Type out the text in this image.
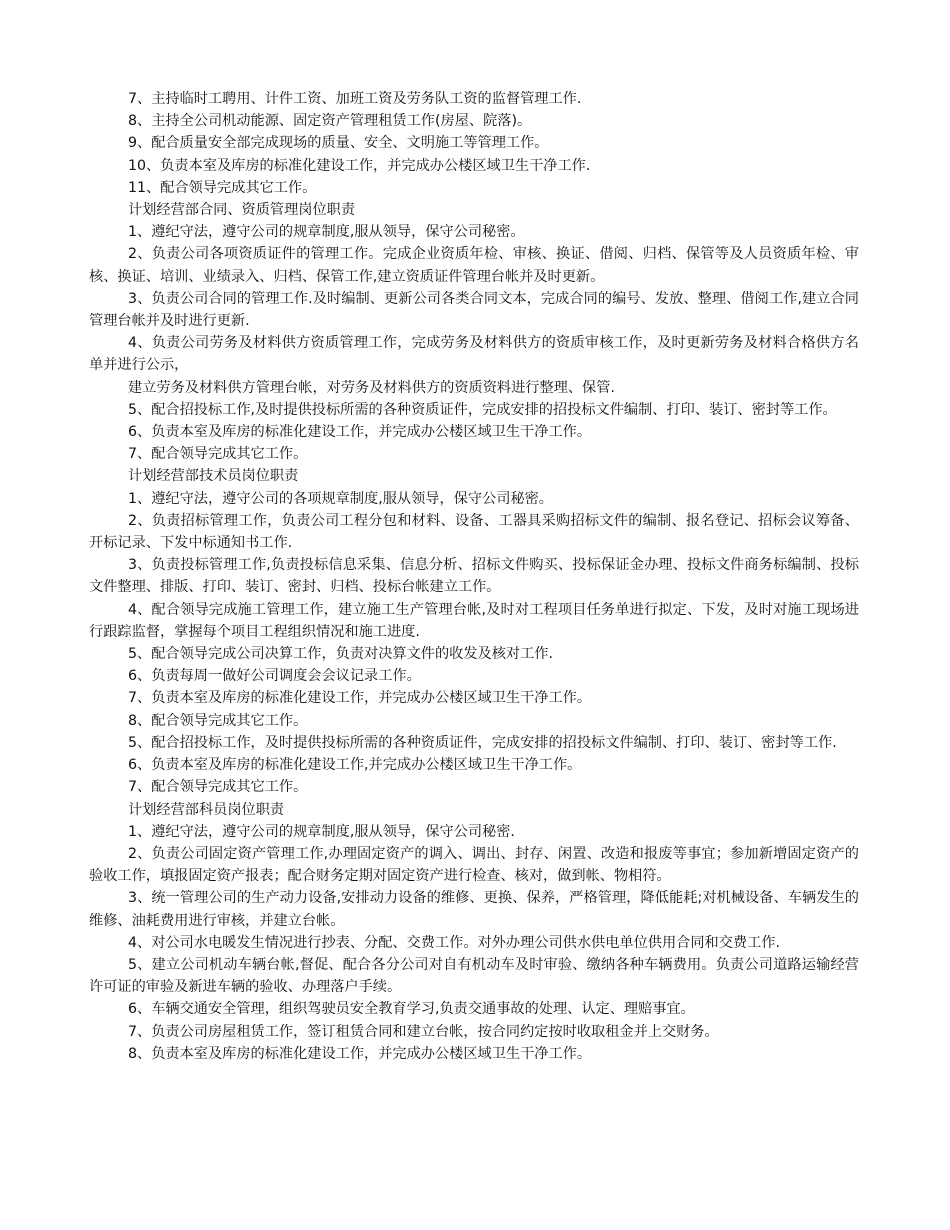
7、主持临时工聘用、计件工资、加班工资及劳务队工资的监督管理工作.

8、主持全公司机动能源、固定资产管理租赁工作(房屋、院落)。

9、配合质量安全部完成现场的质量、安全、文明施工等管理工作。

10、负责本室及库房的标准化建设工作，并完成办公楼区域卫生干净工作.

11、配合领导完成其它工作。

计划经营部合同、资质管理岗位职责

1、遵纪守法，遵守公司的规章制度,服从领导，保守公司秘密。

2、负责公司各项资质证件的管理工作。完成企业资质年检、审核、换证、借阅、归档、保管等及人员资质年检、审核、换证、培训、业绩录入、归档、保管工作,建立资质证件管理台帐并及时更新。

3、负责公司合同的管理工作.及时编制、更新公司各类合同文本，完成合同的编号、发放、整理、借阅工作,建立合同管理台帐并及时进行更新.

4、负责公司劳务及材料供方资质管理工作，完成劳务及材料供方的资质审核工作，及时更新劳务及材料合格供方名单并进行公示，

建立劳务及材料供方管理台帐，对劳务及材料供方的资质资料进行整理、保管.

5、配合招投标工作,及时提供投标所需的各种资质证件，完成安排的招投标文件编制、打印、装订、密封等工作。

6、负责本室及库房的标准化建设工作，并完成办公楼区域卫生干净工作。

7、配合领导完成其它工作。

计划经营部技术员岗位职责

1、遵纪守法，遵守公司的各项规章制度,服从领导，保守公司秘密。

2、负责招标管理工作，负责公司工程分包和材料、设备、工器具采购招标文件的编制、报名登记、招标会议筹备、开标记录、下发中标通知书工作.

3、负责投标管理工作,负责投标信息采集、信息分析、招标文件购买、投标保证金办理、投标文件商务标编制、投标文件整理、排版、打印、装订、密封、归档、投标台帐建立工作。

4、配合领导完成施工管理工作，建立施工生产管理台帐,及时对工程项目任务单进行拟定、下发，及时对施工现场进行跟踪监督，掌握每个项目工程组织情况和施工进度.

5、配合领导完成公司决算工作，负责对决算文件的收发及核对工作.

6、负责每周一做好公司调度会会议记录工作。

7、负责本室及库房的标准化建设工作，并完成办公楼区域卫生干净工作。

8、配合领导完成其它工作。

5、配合招投标工作，及时提供投标所需的各种资质证件，完成安排的招投标文件编制、打印、装订、密封等工作.

6、负责本室及库房的标准化建设工作,并完成办公楼区域卫生干净工作。

7、配合领导完成其它工作。

计划经营部科员岗位职责

1、遵纪守法，遵守公司的规章制度,服从领导，保守公司秘密.

2、负责公司固定资产管理工作,办理固定资产的调入、调出、封存、闲置、改造和报废等事宜；参加新增固定资产的验收工作，填报固定资产报表；配合财务定期对固定资产进行检查、核对，做到帐、物相符。

3、统一管理公司的生产动力设备,安排动力设备的维修、更换、保养，严格管理，降低能耗;对机械设备、车辆发生的维修、油耗费用进行审核，并建立台帐。

4、对公司水电暖发生情况进行抄表、分配、交费工作。对外办理公司供水供电单位供用合同和交费工作.

5、建立公司机动车辆台帐,督促、配合各分公司对自有机动车及时审验、缴纳各种车辆费用。负责公司道路运输经营许可证的审验及新进车辆的验收、办理落户手续。

6、车辆交通安全管理，组织驾驶员安全教育学习,负责交通事故的处理、认定、理赔事宜。

7、负责公司房屋租赁工作，签订租赁合同和建立台帐，按合同约定按时收取租金并上交财务。

8、负责本室及库房的标准化建设工作，并完成办公楼区域卫生干净工作。
